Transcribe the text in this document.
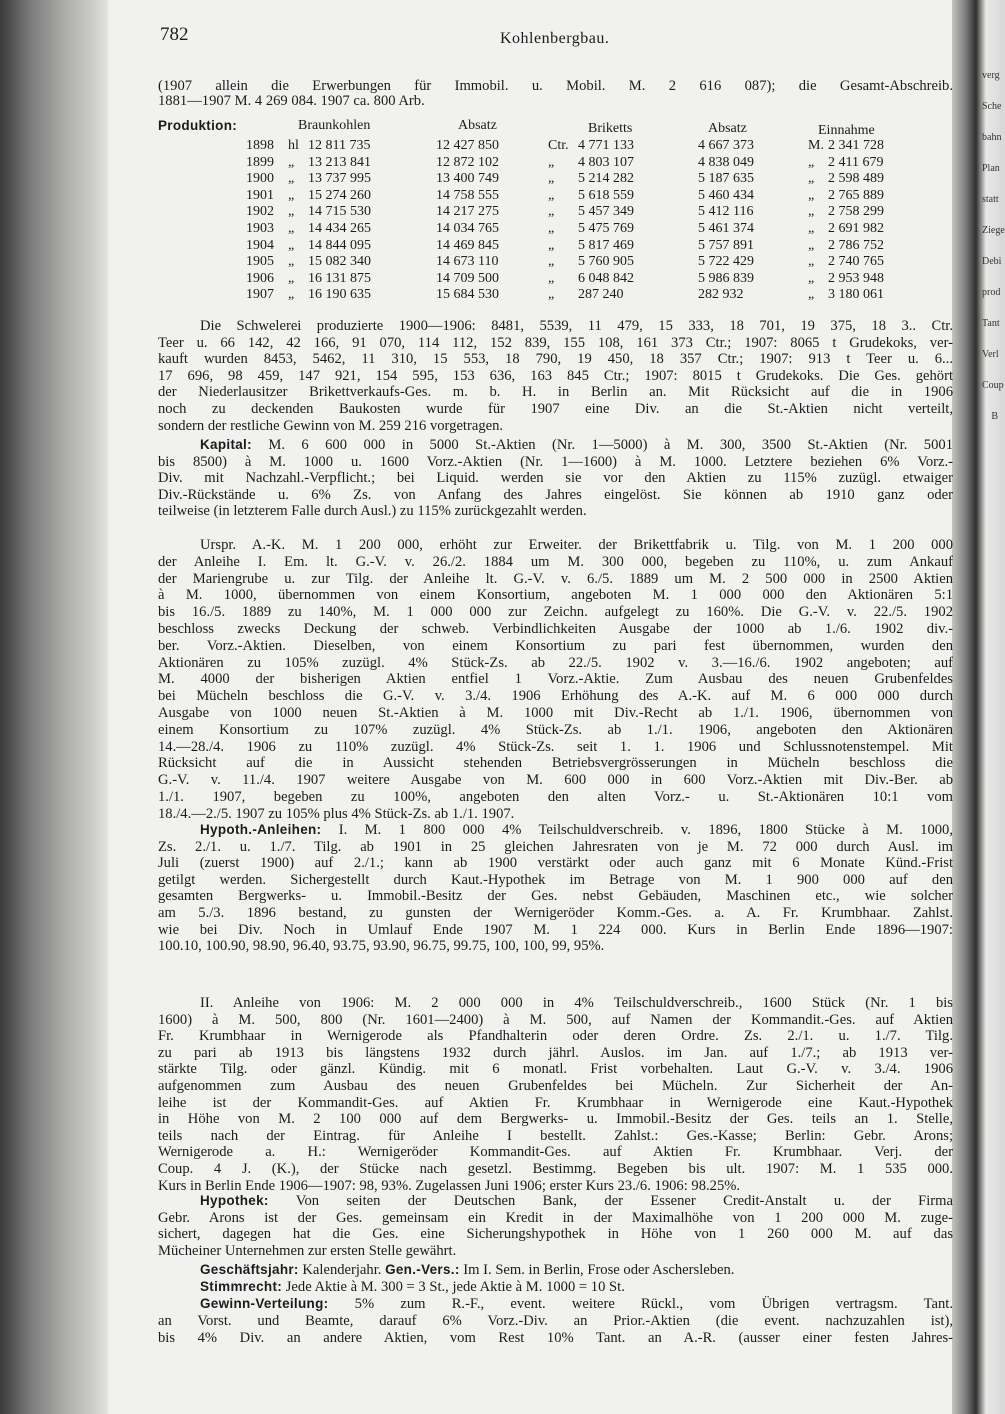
verg
Sche
bahn
Plan
statt
Ziege
Debi
prod
Tant
Verl
Coup
B
782	Kohlenbergbau.
(1907 allein die Erwerbungen für Immobil. u. Mobil. M. 2 616 087); die Gesamt-Abschreib.
1881—1907 M. 4 269 084. 1907 ca. 800 Arb.
Die Schwelerei produzierte 1900—1906: 8481, 5539, 11 479, 15 333, 18 701, 19 375, 18 3.. Ctr.
Teer u. 66 142, 42 166, 91 070, 114 112, 152 839, 155 108, 161 373 Ctr.; 1907: 8065 t Grudekoks, ver-
kauft wurden 8453, 5462, 11 310, 15 553, 18 790, 19 450, 18 357 Ctr.; 1907: 913 t Teer u. 6...
17 696, 98 459, 147 921, 154 595, 153 636, 163 845 Ctr.; 1907: 8015 t Grudekoks. Die Ges. gehört
der Niederlausitzer Brikettverkaufs-Ges. m. b. H. in Berlin an. Mit Rücksicht auf die in 1906
noch zu deckenden Baukosten wurde für 1907 eine Div. an die St.-Aktien nicht verteilt,
sondern der restliche Gewinn von M. 259 216 vorgetragen.
Kapital: M. 6 600 000 in 5000 St.-Aktien (Nr. 1—5000) à M. 300, 3500 St.-Aktien (Nr. 5001
bis 8500) à M. 1000 u. 1600 Vorz.-Aktien (Nr. 1—1600) à M. 1000. Letztere beziehen 6% Vorz.-
Div. mit Nachzahl.-Verpflicht.; bei Liquid. werden sie vor den Aktien zu 115% zuzügl. etwaiger
Div.-Rückstände u. 6% Zs. von Anfang des Jahres eingelöst. Sie können ab 1910 ganz oder
teilweise (in letzterem Falle durch Ausl.) zu 115% zurückgezahlt werden.
Urspr. A.-K. M. 1 200 000, erhöht zur Erweiter. der Brikettfabrik u. Tilg. von M. 1 200 000
der Anleihe I. Em. lt. G.-V. v. 26./2. 1884 um M. 300 000, begeben zu 110%, u. zum Ankauf
der Mariengrube u. zur Tilg. der Anleihe lt. G.-V. v. 6./5. 1889 um M. 2 500 000 in 2500 Aktien
à M. 1000, übernommen von einem Konsortium, angeboten M. 1 000 000 den Aktionären 5:1
bis 16./5. 1889 zu 140%, M. 1 000 000 zur Zeichn. aufgelegt zu 160%. Die G.-V. v. 22./5. 1902
beschloss zwecks Deckung der schweb. Verbindlichkeiten Ausgabe der 1000 ab 1./6. 1902 div.-
ber. Vorz.-Aktien. Dieselben, von einem Konsortium zu pari fest übernommen, wurden den
Aktionären zu 105% zuzügl. 4% Stück-Zs. ab 22./5. 1902 v. 3.—16./6. 1902 angeboten; auf
M. 4000 der bisherigen Aktien entfiel 1 Vorz.-Aktie. Zum Ausbau des neuen Grubenfeldes
bei Mücheln beschloss die G.-V. v. 3./4. 1906 Erhöhung des A.-K. auf M. 6 000 000 durch
Ausgabe von 1000 neuen St.-Aktien à M. 1000 mit Div.-Recht ab 1./1. 1906, übernommen von
einem Konsortium zu 107% zuzügl. 4% Stück-Zs. ab 1./1. 1906, angeboten den Aktionären
14.—28./4. 1906 zu 110% zuzügl. 4% Stück-Zs. seit 1. 1. 1906 und Schlussnotenstempel. Mit
Rücksicht auf die in Aussicht stehenden Betriebsvergrösserungen in Mücheln beschloss die
G.-V. v. 11./4. 1907 weitere Ausgabe von M. 600 000 in 600 Vorz.-Aktien mit Div.-Ber. ab
1./1. 1907, begeben zu 100%, angeboten den alten Vorz.- u. St.-Aktionären 10:1 vom
18./4.—2./5. 1907 zu 105% plus 4% Stück-Zs. ab 1./1. 1907.
Hypoth.-Anleihen: I. M. 1 800 000 4% Teilschuldverschreib. v. 1896, 1800 Stücke à M. 1000,
Zs. 2./1. u. 1./7. Tilg. ab 1901 in 25 gleichen Jahresraten von je M. 72 000 durch Ausl. im
Juli (zuerst 1900) auf 2./1.; kann ab 1900 verstärkt oder auch ganz mit 6 Monate Künd.-Frist
getilgt werden. Sichergestellt durch Kaut.-Hypothek im Betrage von M. 1 900 000 auf den
gesamten Bergwerks- u. Immobil.-Besitz der Ges. nebst Gebäuden, Maschinen etc., wie solcher
am 5./3. 1896 bestand, zu gunsten der Wernigeröder Komm.-Ges. a. A. Fr. Krumbhaar. Zahlst.
wie bei Div. Noch in Umlauf Ende 1907 M. 1 224 000. Kurs in Berlin Ende 1896—1907:
100.10, 100.90, 98.90, 96.40, 93.75, 93.90, 96.75, 99.75, 100, 100, 99, 95%.
II. Anleihe von 1906: M. 2 000 000 in 4% Teilschuldverschreib., 1600 Stück (Nr. 1 bis
1600) à M. 500, 800 (Nr. 1601—2400) à M. 500, auf Namen der Kommandit.-Ges. auf Aktien
Fr. Krumbhaar in Wernigerode als Pfandhalterin oder deren Ordre. Zs. 2./1. u. 1./7. Tilg.
zu pari ab 1913 bis längstens 1932 durch jährl. Auslos. im Jan. auf 1./7.; ab 1913 ver-
stärkte Tilg. oder gänzl. Kündig. mit 6 monatl. Frist vorbehalten. Laut G.-V. v. 3./4. 1906
aufgenommen zum Ausbau des neuen Grubenfeldes bei Mücheln. Zur Sicherheit der An-
leihe ist der Kommandit-Ges. auf Aktien Fr. Krumbhaar in Wernigerode eine Kaut.-Hypothek
in Höhe von M. 2 100 000 auf dem Bergwerks- u. Immobil.-Besitz der Ges. teils an 1. Stelle,
teils nach der Eintrag. für Anleihe I bestellt. Zahlst.: Ges.-Kasse; Berlin: Gebr. Arons;
Wernigerode a. H.: Wernigeröder Kommandit-Ges. auf Aktien Fr. Krumbhaar. Verj. der
Coup. 4 J. (K.), der Stücke nach gesetzl. Bestimmg. Begeben bis ult. 1907: M. 1 535 000.
Kurs in Berlin Ende 1906—1907: 98, 93%. Zugelassen Juni 1906; erster Kurs 23./6. 1906: 98.25%.
Hypothek: Von seiten der Deutschen Bank, der Essener Credit-Anstalt u. der Firma
Gebr. Arons ist der Ges. gemeinsam ein Kredit in der Maximalhöhe von 1 200 000 M. zuge-
sichert, dagegen hat die Ges. eine Sicherungshypothek in Höhe von 1 260 000 M. auf das
Mücheiner Unternehmen zur ersten Stelle gewährt.
Geschäftsjahr: Kalenderjahr. Gen.-Vers.: Im I. Sem. in Berlin, Frose oder Aschersleben.
Stimmrecht: Jede Aktie à M. 300 = 3 St., jede Aktie à M. 1000 = 10 St.
Gewinn-Verteilung: 5% zum R.-F., event. weitere Rückl., vom Übrigen vertragsm. Tant.
an Vorst. und Beamte, darauf 6% Vorz.-Div. an Prior.-Aktien (die event. nachzuzahlen ist),
bis 4% Div. an andere Aktien, vom Rest 10% Tant. an A.-R. (ausser einer festen Jahres-
Produktion:	Braunkohlen	Absatz	Briketts	Absatz	Einnahme
1898 hl 12 811 735	12 427 850	Ctr. 4 771 133	4 667 373	M. 2 341 728
1899 „ 13 213 841	12 872 102	„ 4 803 107	4 838 049	„ 2 411 679
1900 „ 13 737 995	13 400 749	„ 5 214 282	5 187 635	„ 2 598 489
1901 „ 15 274 260	14 758 555	„ 5 618 559	5 460 434	„ 2 765 889
1902 „ 14 715 530	14 217 275	„ 5 457 349	5 412 116	„ 2 758 299
1903 „ 14 434 265	14 034 765	„ 5 475 769	5 461 374	„ 2 691 982
1904 „ 14 844 095	14 469 845	„ 5 817 469	5 757 891	„ 2 786 752
1905 „ 15 082 340	14 673 110	„ 5 760 905	5 722 429	„ 2 740 765
1906 „ 16 131 875	14 709 500	„ 6 048 842	5 986 839	„ 2 953 948
1907 „ 16 190 635	15 684 530	„ 287 240	282 932	„ 3 180 061
